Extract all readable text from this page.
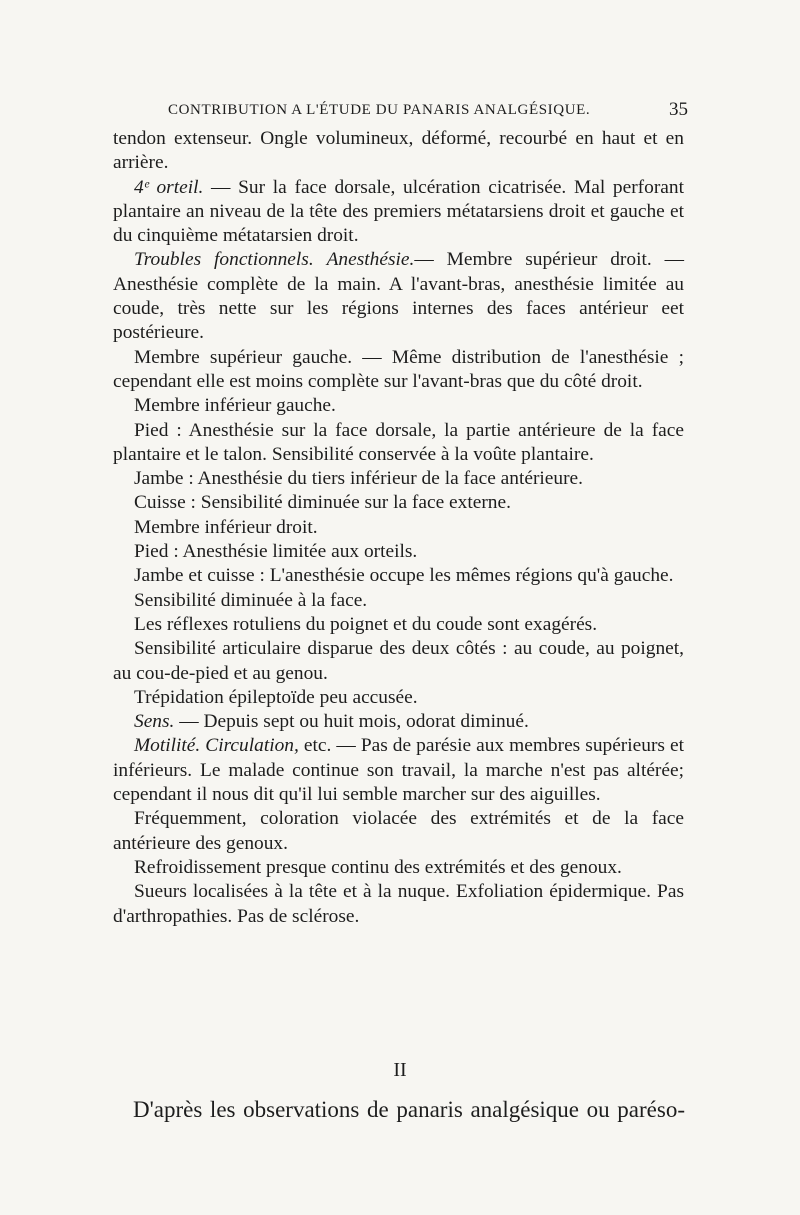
CONTRIBUTION A L'ÉTUDE DU PANARIS ANALGÉSIQUE.	35

tendon extenseur. Ongle volumineux, déformé, recourbé en haut et en arrière.

4ᵉ orteil. — Sur la face dorsale, ulcération cicatrisée. Mal perforant plantaire an niveau de la tête des premiers métatarsiens droit et gauche et du cinquième métatarsien droit.

Troubles fonctionnels. Anesthésie.— Membre supérieur droit. —Anesthésie complète de la main. A l'avant-bras, anesthésie limitée au coude, très nette sur les régions internes des faces antérieur eet postérieure.

Membre supérieur gauche. — Même distribution de l'anesthésie ; cependant elle est moins complète sur l'avant-bras que du côté droit.

Membre inférieur gauche.

Pied : Anesthésie sur la face dorsale, la partie antérieure de la face plantaire et le talon. Sensibilité conservée à la voûte plantaire.

Jambe : Anesthésie du tiers inférieur de la face antérieure.

Cuisse : Sensibilité diminuée sur la face externe.

Membre inférieur droit.

Pied : Anesthésie limitée aux orteils.

Jambe et cuisse : L'anesthésie occupe les mêmes régions qu'à gauche.

Sensibilité diminuée à la face.

Les réflexes rotuliens du poignet et du coude sont exagérés.

Sensibilité articulaire disparue des deux côtés : au coude, au poignet, au cou-de-pied et au genou.

Trépidation épileptoïde peu accusée.

Sens. — Depuis sept ou huit mois, odorat diminué.

Motilité. Circulation, etc. — Pas de parésie aux membres supérieurs et inférieurs. Le malade continue son travail, la marche n'est pas altérée; cependant il nous dit qu'il lui semble marcher sur des aiguilles.

Fréquemment, coloration violacée des extrémités et de la face antérieure des genoux.

Refroidissement presque continu des extrémités et des genoux.

Sueurs localisées à la tête et à la nuque. Exfoliation épidermique. Pas d'arthropathies. Pas de sclérose.

II
D'après les observations de panaris analgésique ou paréso-
